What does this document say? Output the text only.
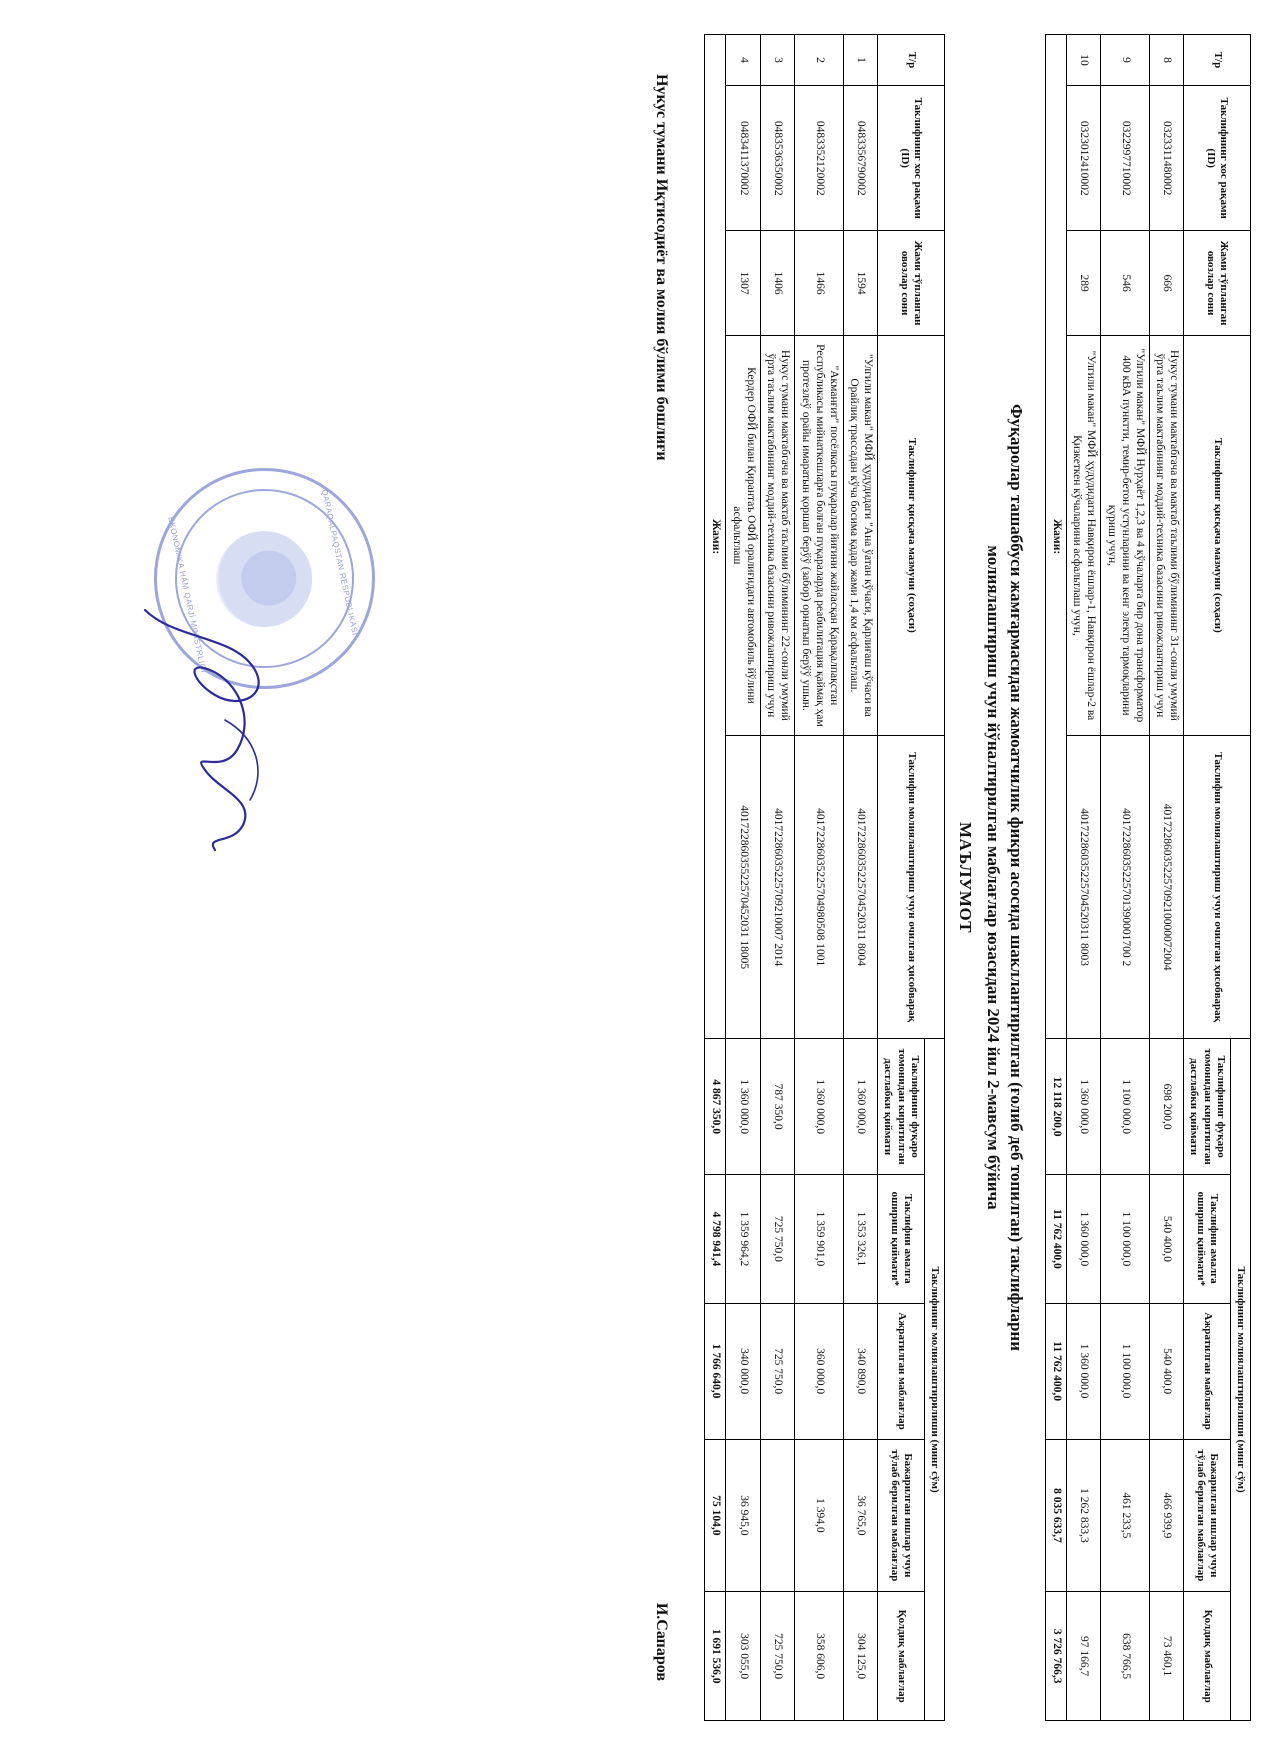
Т/р	Таклифнинг хос рақами (ID)	Жами тўпланган овозлар сони	Таклифнинг қисқача мазмуни (соҳаси)	Таклифни молиялаштириш учун очилган ҳисобварақ	Таклифнинг молиялаштирилиши (минг сўм)				
					Таклифнинг фуқаро томонидан киритилган дастлабки қиймати	Таклифни амалга ошириш қиймати*	Ажратилган маблағлар	Бажарилган ишлар учун тўлаб берилган маблағлар	Қолдиқ маблағлар
8	0323311480002	666	Нукус тумани мактабгача ва мактаб таълими бўлимининг 31-сонли умумий ўрта таълим мактабининг моддий-техника базасини ривожлантириш учун	40172286035225709210000072004	698 200,0	540 400,0	540 400,0	466 939,9	73 460,1
9	0322997710002	546	"Улгили макан" МФЙ Нурҳаёт 1,2,3 ва 4 кўчаларга бир дона трансформатор 400 кВА пунктти, темир-бетон устунларини ва кенг электр тармоқларини қуриш учун,	40172286035225701390001700 2	1 100 000,0	1 100 000,0	1 100 000,0	461 233,5	638 766,5
10	0323012410002	289	"Улгили макан" МФЙ ҳудудидаги Навқирон ёшлар-1, Навқирон ёшлар-2 ва Қизкеткен кўчаларини асфальтлаш учун,	40172286035225704520311 8003	1 360 000,0	1 360 000,0	1 360 000,0	1 262 833,3	97 166,7
Жами:					12 118 200,0	11 762 400,0	11 762 400,0	8 035 633,7	3 726 766,3
Фуқаролар ташаббуси жамғармасидан жамоатчилик фикри асосида шакллантирилган (ғолиб деб топилган) таклифларни молиялаштириш учун йўналтирилган маблағлар юзасидан 2024 йил 2-мавсум бўйича
МАЪЛУМОТ
Т/р	Таклифнинг хос рақами (ID)	Жами тўпланган овозлар сони	Таклифнинг қисқача мазмуни (соҳаси)	Таклифни молиялаштириш учун очилган ҳисобварақ	Таклифнинг молиялаштирилиши (минг сўм)				
					Таклифнинг фуқаро томонидан киритилган дастлабки қиймати	Таклифни амалга ошириш қиймати*	Ажратилган маблағлар	Бажарилган ишлар учун тўлаб берилган маблағлар	Қолдиқ маблағлар
1	0483356790002	1594	"Улгили макан" МФЙ ҳудудидаги "Ана ўатан кўчаси, Қарлиғаш кўчаси ва Орайлиқ трассадан кўча босима қадар жами 1,4 км асфальтлаш.	40172286035225704520311 8004	1 360 000,0	1 353 326,1	340 890,0	36 765,0	304 125,0
2	0483352120002	1466	"Акманғит" посёлкасы пуқаралар йиғини жайласқан Қарақалпақстан Республикасы мийнаткешларға болған пуқараларда реабилитация қаймақ ҳам протезлеў орайы имаратын қоршап берўў (забор) орнатып берўў ушын.	40172286035225704980508 1001	1 360 000,0	1 359 901,0	360 000,0	1 394,0	358 606,0
3	0483536350002	1406	Нукус тумани мактабгача ва мактаб таълими бўлимининг 22-сонли умумий ўрта таълим мактабининг моддий-техника базасини ривожлантириш учун	40172286035225709210007 2014	787 350,0	725 750,0	725 750,0		725 750,0
4	0483411370002	1307	Кердер ОФЙ билан Қирантаъ ОФЙ оралиғидаги автомобиль йўлини асфальтлаш	40172286035522570452031 18005	1 360 000,0	1 359 964,2	340 000,0	36 945,0	303 055,0
Жами:					4 867 350,0	4 798 941,4	1 766 640,0	75 104,0	1 691 536,0
Нукус тумани Иқтисодиёт ва молия бўлими бошлиғи
И.Сапаров
QARAQALPAQSTAN RESPUBLIKASI
EKONOMIKA HÁM QARJÍ MINISTRLIGI
